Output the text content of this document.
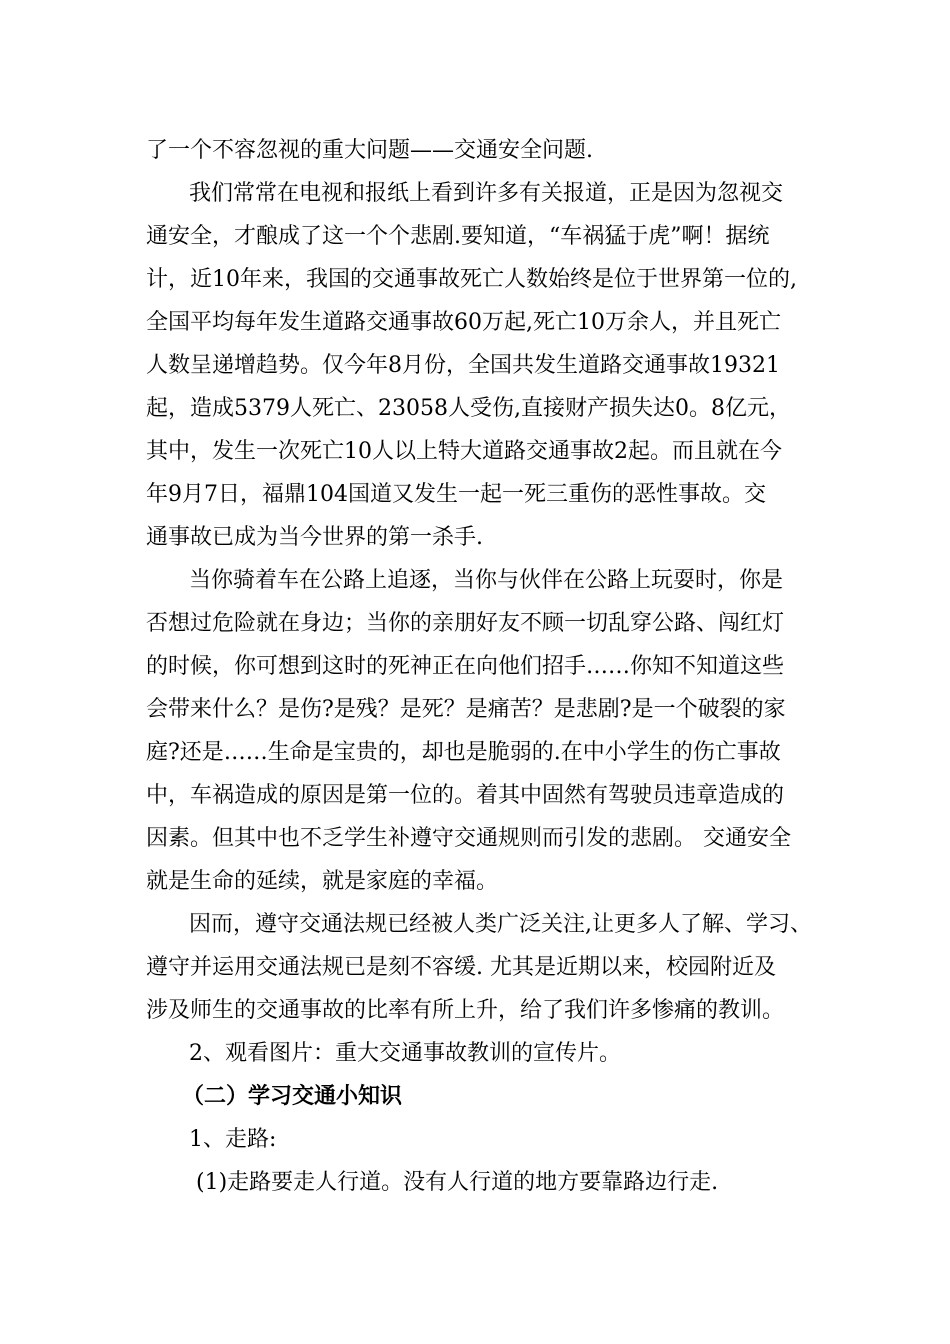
了一个不容忽视的重大问题——交通安全问题.
我们常常在电视和报纸上看到许多有关报道，正是因为忽视交
通安全，才酿成了这一个个悲剧.要知道，“车祸猛于虎”啊！据统
计，近10年来，我国的交通事故死亡人数始终是位于世界第一位的,
全国平均每年发生道路交通事故60万起,死亡10万余人，并且死亡
人数呈递增趋势。仅今年8月份，全国共发生道路交通事故19321
起，造成5379人死亡、23058人受伤,直接财产损失达0。8亿元，
其中，发生一次死亡10人以上特大道路交通事故2起。而且就在今
年9月7日，福鼎104国道又发生一起一死三重伤的恶性事故。交
通事故已成为当今世界的第一杀手.
当你骑着车在公路上追逐，当你与伙伴在公路上玩耍时，你是
否想过危险就在身边；当你的亲朋好友不顾一切乱穿公路、闯红灯
的时候，你可想到这时的死神正在向他们招手……你知不知道这些
会带来什么？是伤?是残？是死？是痛苦？是悲剧?是一个破裂的家
庭?还是……生命是宝贵的，却也是脆弱的.在中小学生的伤亡事故
中，车祸造成的原因是第一位的。着其中固然有驾驶员违章造成的
因素。但其中也不乏学生补遵守交通规则而引发的悲剧。 交通安全
就是生命的延续，就是家庭的幸福。
因而，遵守交通法规已经被人类广泛关注,让更多人了解、学习、
遵守并运用交通法规已是刻不容缓. 尤其是近期以来，校园附近及
涉及师生的交通事故的比率有所上升，给了我们许多惨痛的教训。
2、观看图片：重大交通事故教训的宣传片。
（二）学习交通小知识
1、走路:
(1)走路要走人行道。没有人行道的地方要靠路边行走.
